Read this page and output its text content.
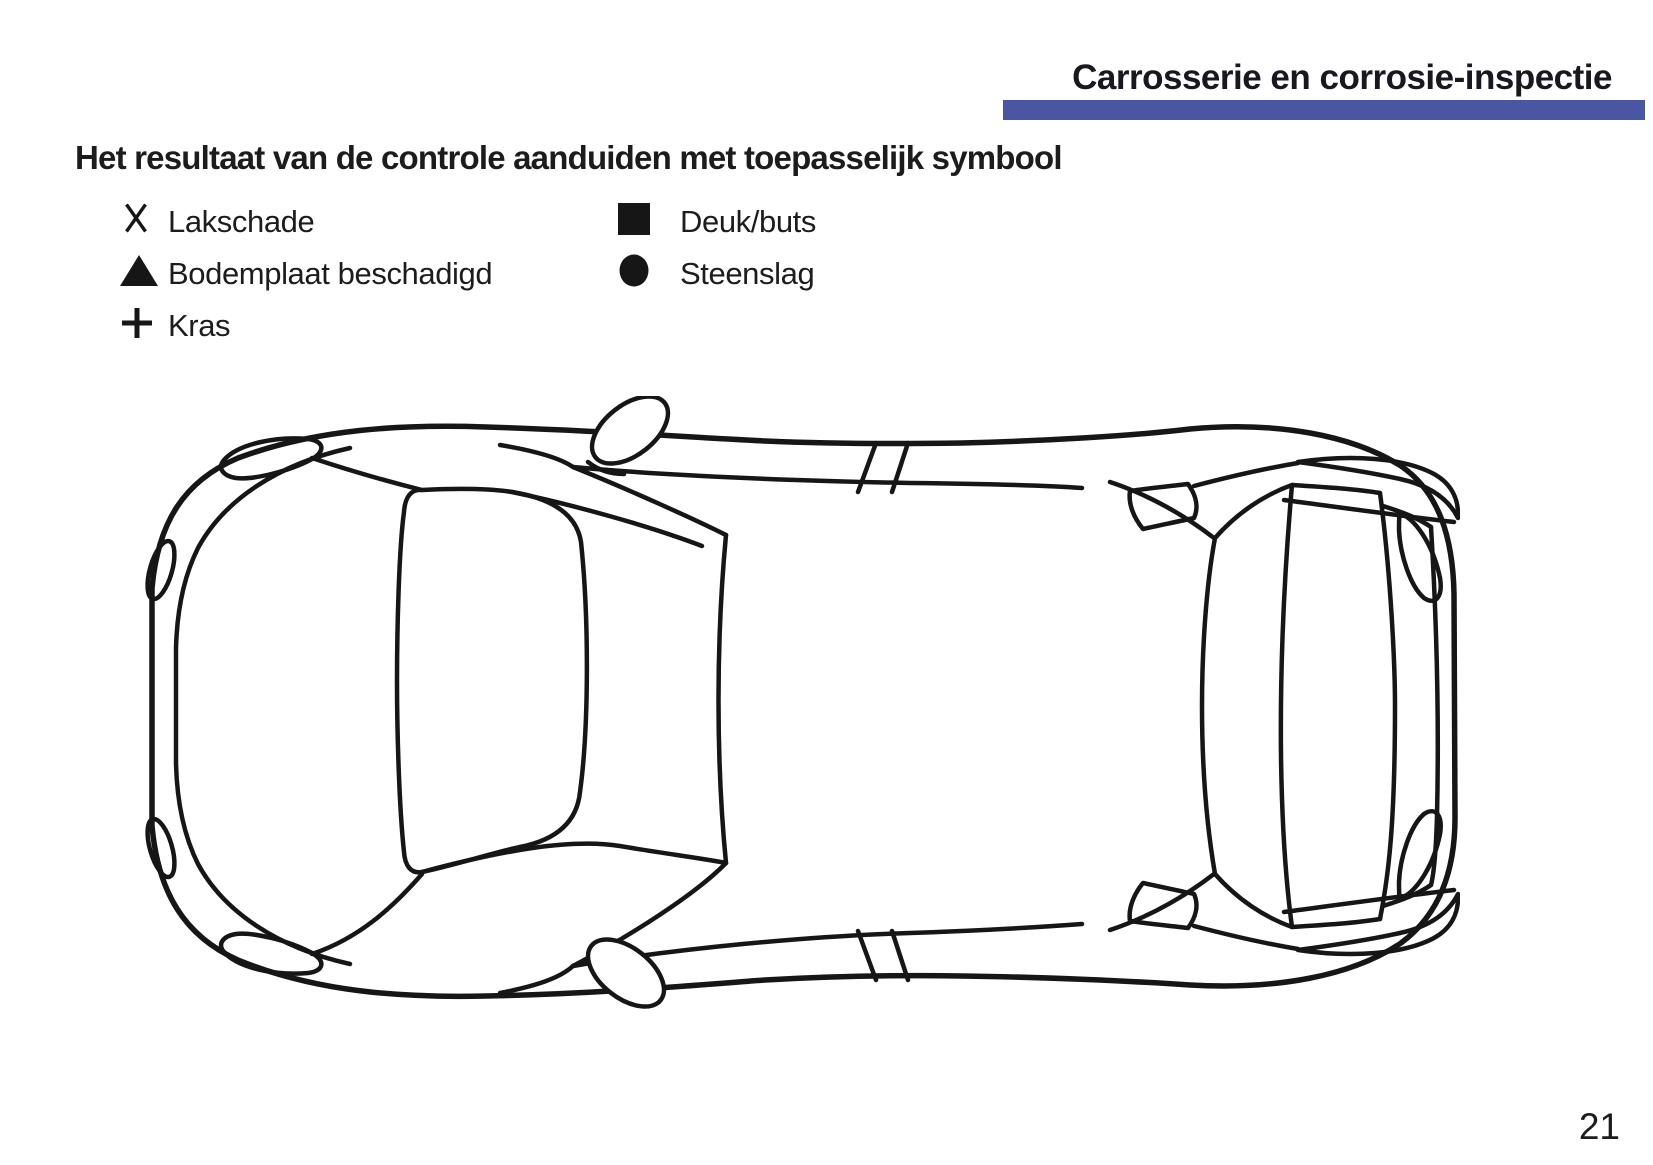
Carrosserie en corrosie-inspectie
Het resultaat van de controle aanduiden met toepasselijk symbool
Lakschade
Bodemplaat beschadigd
Kras
Deuk/buts
Steenslag
21
